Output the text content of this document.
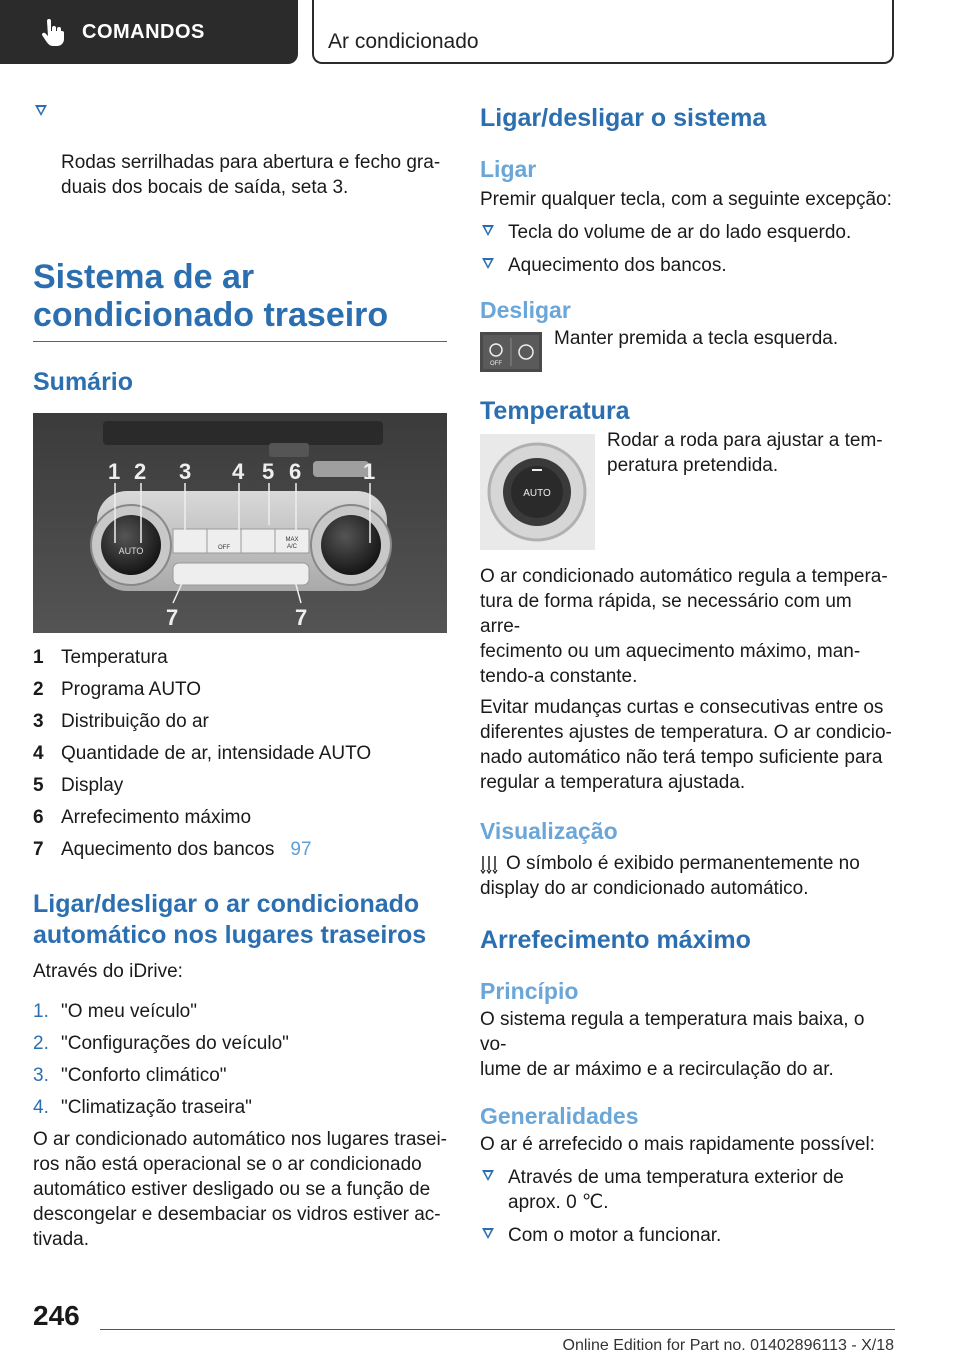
COMANDOS	Ar condicionado

Rodas serrilhadas para abertura e fecho gra-
duais dos bocais de saída, seta 3.

Sistema de ar
condicionado traseiro
Sumário
AUTO	OFF
MAX
A/C
1 2 3 4 5 6	1
7	7
1 Temperatura
2 Programa AUTO
3 Distribuição do ar
4 Quantidade de ar, intensidade AUTO
5 Display
6 Arrefecimento máximo
7 Aquecimento dos bancos 97
Ligar/desligar o ar condicionado
automático nos lugares traseiros

Através do iDrive:

1. "O meu veículo"
2. "Configurações do veículo"
3. "Conforto climático"
4. "Climatização traseira"

O ar condicionado automático nos lugares trasei-
ros não está operacional se o ar condicionado
automático estiver desligado ou se a função de
descongelar e desembaciar os vidros estiver ac-
tivada.

Ligar/desligar o sistema
Ligar

Premir qualquer tecla, com a seguinte excepção:

Tecla do volume de ar do lado esquerdo.
Aquecimento dos bancos.
Desligar
OFF

Manter premida a tecla esquerda.

Temperatura
AUTO

Rodar a roda para ajustar a tem-
peratura pretendida.

O ar condicionado automático regula a tempera-
tura de forma rápida, se necessário com um arre-
fecimento ou um aquecimento máximo, man-
tendo-a constante.

Evitar mudanças curtas e consecutivas entre os
diferentes ajustes de temperatura. O ar condicio-
nado automático não terá tempo suficiente para
regular a temperatura ajustada.

Visualização

O símbolo é exibido permanentemente no
display do ar condicionado automático.

Arrefecimento máximo
Princípio

O sistema regula a temperatura mais baixa, o vo-
lume de ar máximo e a recirculação do ar.

Generalidades

O ar é arrefecido o mais rapidamente possível:

Através de uma temperatura exterior de
aprox. 0 ℃.
Com o motor a funcionar.
246
Online Edition for Part no. 01402896113 - X/18
